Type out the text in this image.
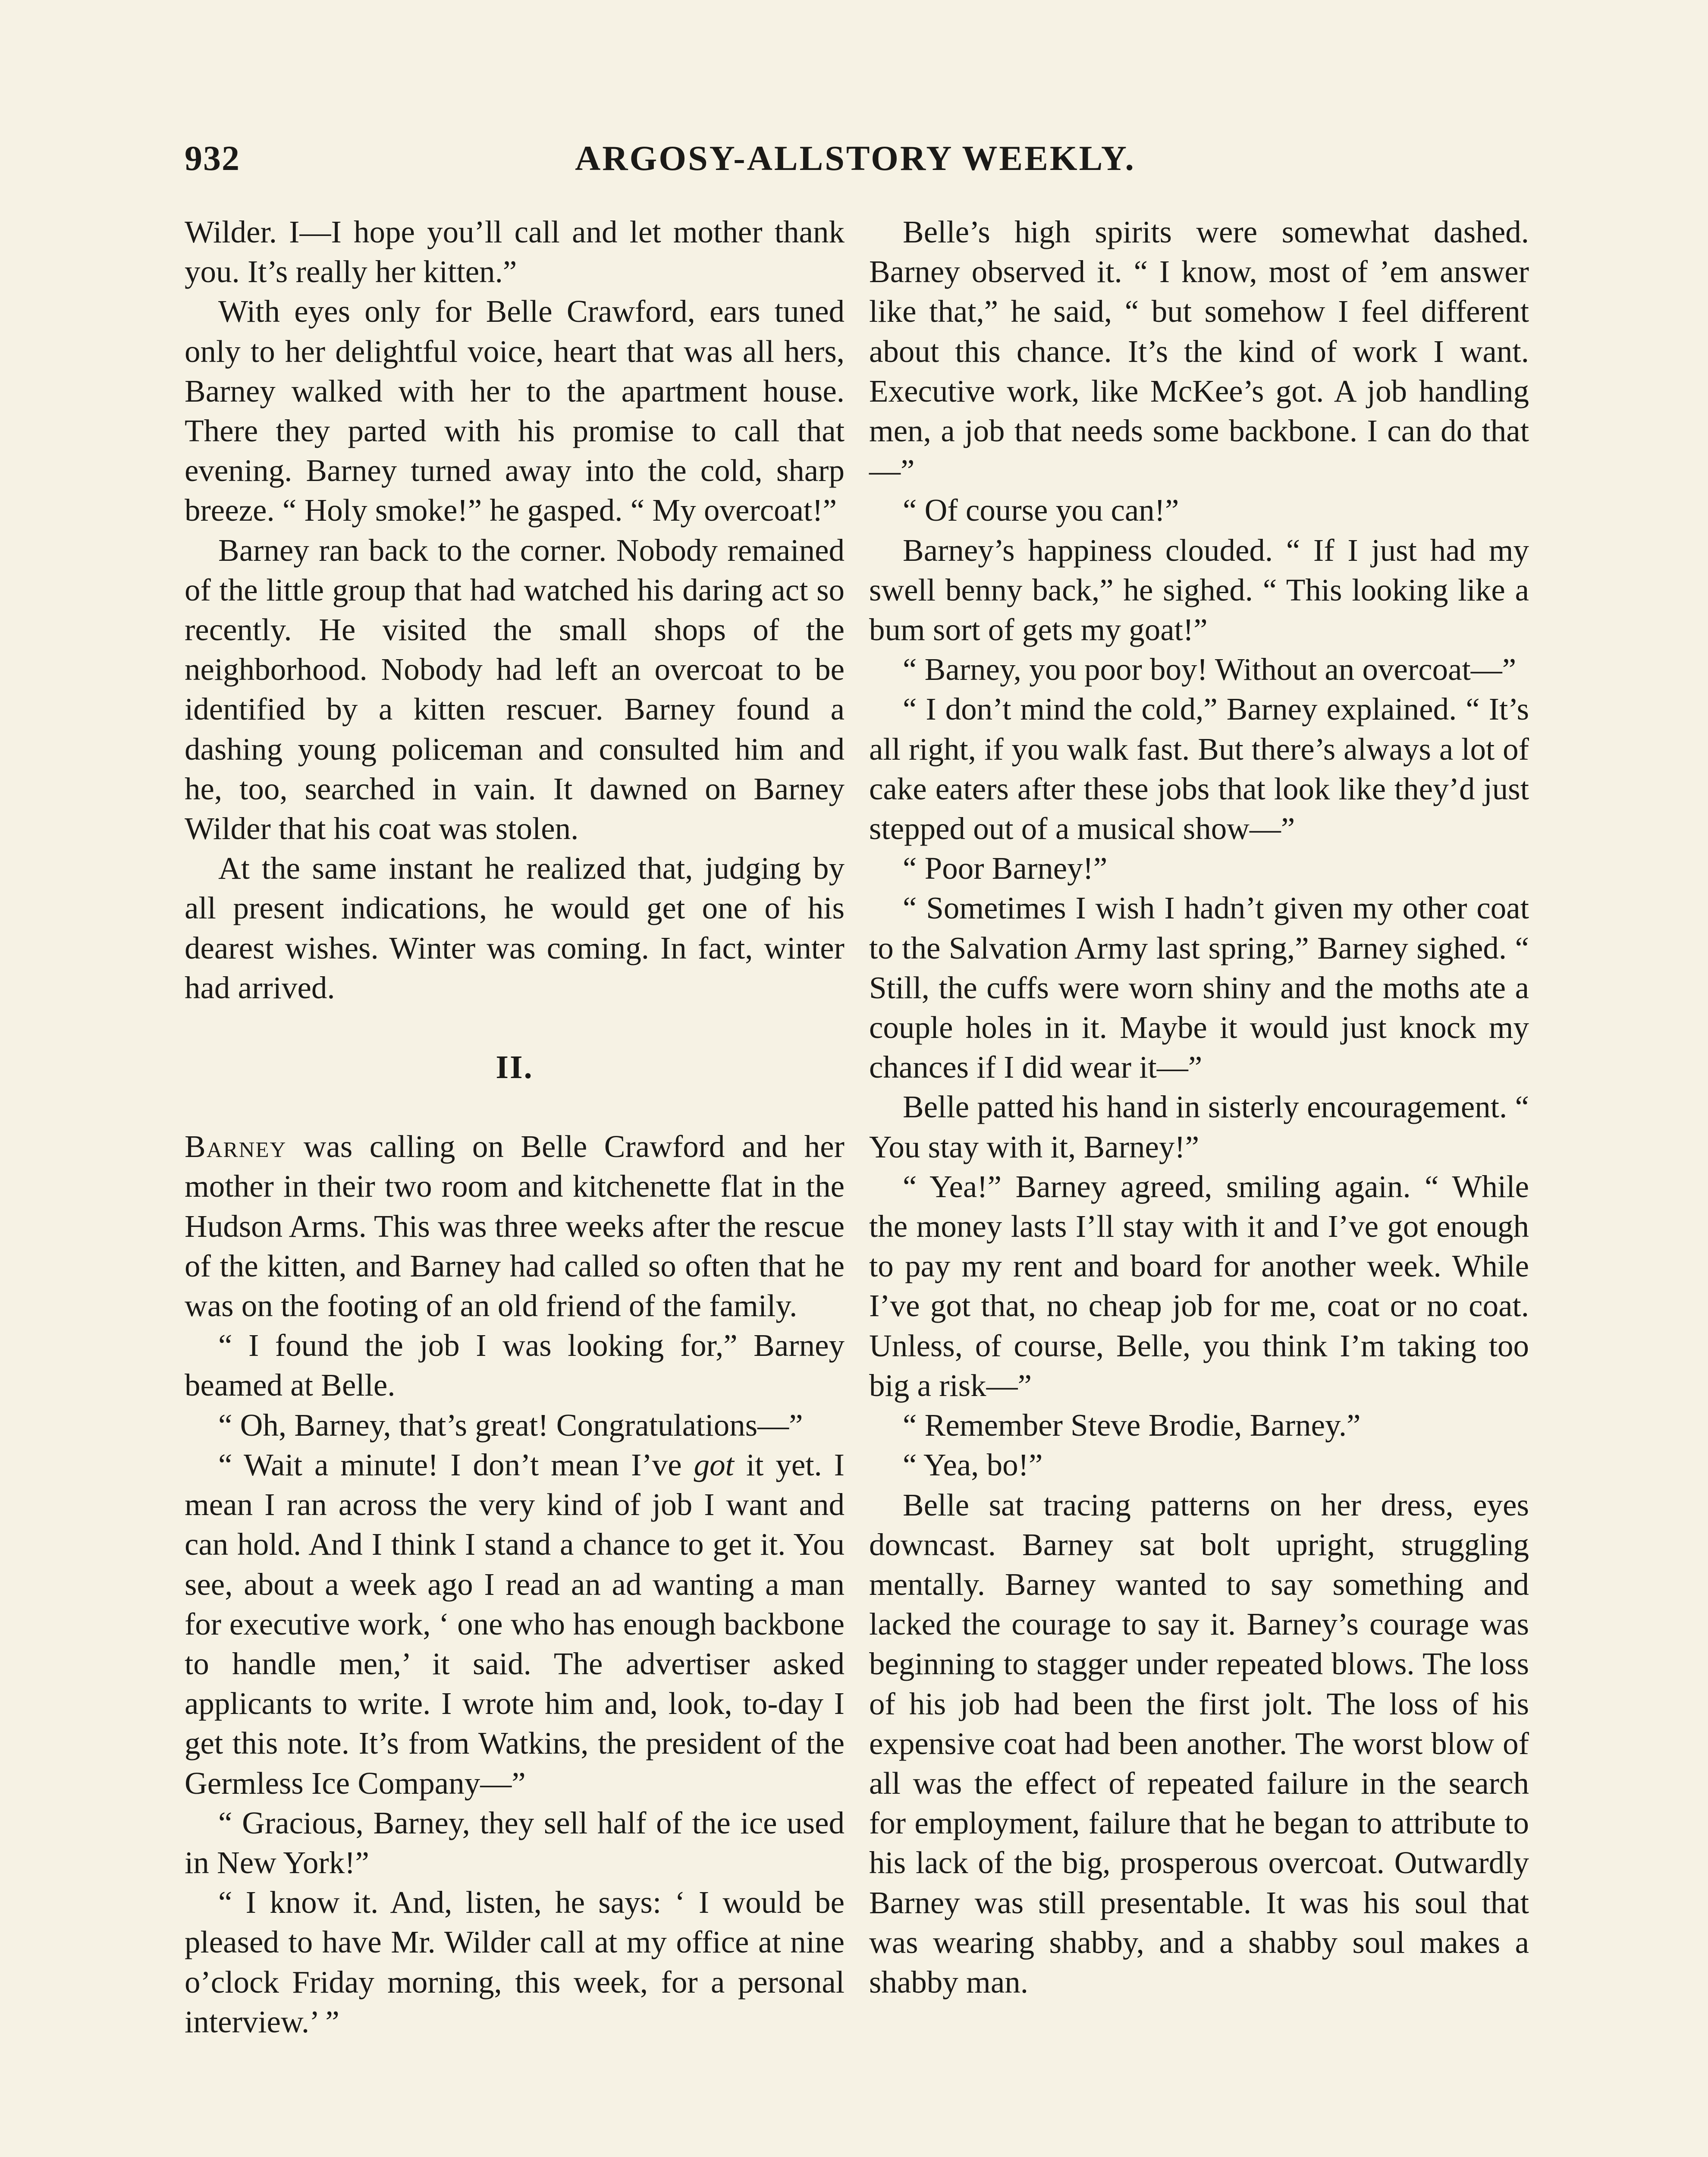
932	ARGOSY-ALLSTORY WEEKLY.

Wilder. I—I hope you’ll call and let mother thank you. It’s really her kitten.”

With eyes only for Belle Crawford, ears tuned only to her delightful voice, heart that was all hers, Barney walked with her to the apartment house. There they parted with his promise to call that evening. Barney turned away into the cold, sharp breeze. “ Holy smoke!” he gasped. “ My overcoat!”

Barney ran back to the corner. Nobody remained of the little group that had watched his daring act so recently. He visited the small shops of the neighborhood. Nobody had left an overcoat to be identified by a kitten rescuer. Barney found a dashing young policeman and consulted him and he, too, searched in vain. It dawned on Barney Wilder that his coat was stolen.

At the same instant he realized that, judging by all present indications, he would get one of his dearest wishes. Winter was coming. In fact, winter had arrived.

II.

Barney was calling on Belle Crawford and her mother in their two room and kitchenette flat in the Hudson Arms. This was three weeks after the rescue of the kitten, and Barney had called so often that he was on the footing of an old friend of the family.

“ I found the job I was looking for,” Barney beamed at Belle.

“ Oh, Barney, that’s great! Congratulations—”

“ Wait a minute! I don’t mean I’ve got it yet. I mean I ran across the very kind of job I want and can hold. And I think I stand a chance to get it. You see, about a week ago I read an ad wanting a man for executive work, ‘ one who has enough backbone to handle men,’ it said. The advertiser asked applicants to write. I wrote him and, look, to-day I get this note. It’s from Watkins, the president of the Germless Ice Company—”

“ Gracious, Barney, they sell half of the ice used in New York!”

“ I know it. And, listen, he says: ‘ I would be pleased to have Mr. Wilder call at my office at nine o’clock Friday morning, this week, for a personal interview.’ ”

Belle’s high spirits were somewhat dashed. Barney observed it. “ I know, most of ’em answer like that,” he said, “ but somehow I feel different about this chance. It’s the kind of work I want. Executive work, like McKee’s got. A job handling men, a job that needs some backbone. I can do that—”

“ Of course you can!”

Barney’s happiness clouded. “ If I just had my swell benny back,” he sighed. “ This looking like a bum sort of gets my goat!”

“ Barney, you poor boy! Without an overcoat—”

“ I don’t mind the cold,” Barney explained. “ It’s all right, if you walk fast. But there’s always a lot of cake eaters after these jobs that look like they’d just stepped out of a musical show—”

“ Poor Barney!”

“ Sometimes I wish I hadn’t given my other coat to the Salvation Army last spring,” Barney sighed. “ Still, the cuffs were worn shiny and the moths ate a couple holes in it. Maybe it would just knock my chances if I did wear it—”

Belle patted his hand in sisterly encouragement. “ You stay with it, Barney!”

“ Yea!” Barney agreed, smiling again. “ While the money lasts I’ll stay with it and I’ve got enough to pay my rent and board for another week. While I’ve got that, no cheap job for me, coat or no coat. Unless, of course, Belle, you think I’m taking too big a risk—”

“ Remember Steve Brodie, Barney.”

“ Yea, bo!”

Belle sat tracing patterns on her dress, eyes downcast. Barney sat bolt upright, struggling mentally. Barney wanted to say something and lacked the courage to say it. Barney’s courage was beginning to stagger under repeated blows. The loss of his job had been the first jolt. The loss of his expensive coat had been another. The worst blow of all was the effect of repeated failure in the search for employment, failure that he began to attribute to his lack of the big, prosperous overcoat. Outwardly Barney was still presentable. It was his soul that was wearing shabby, and a shabby soul makes a shabby man.
